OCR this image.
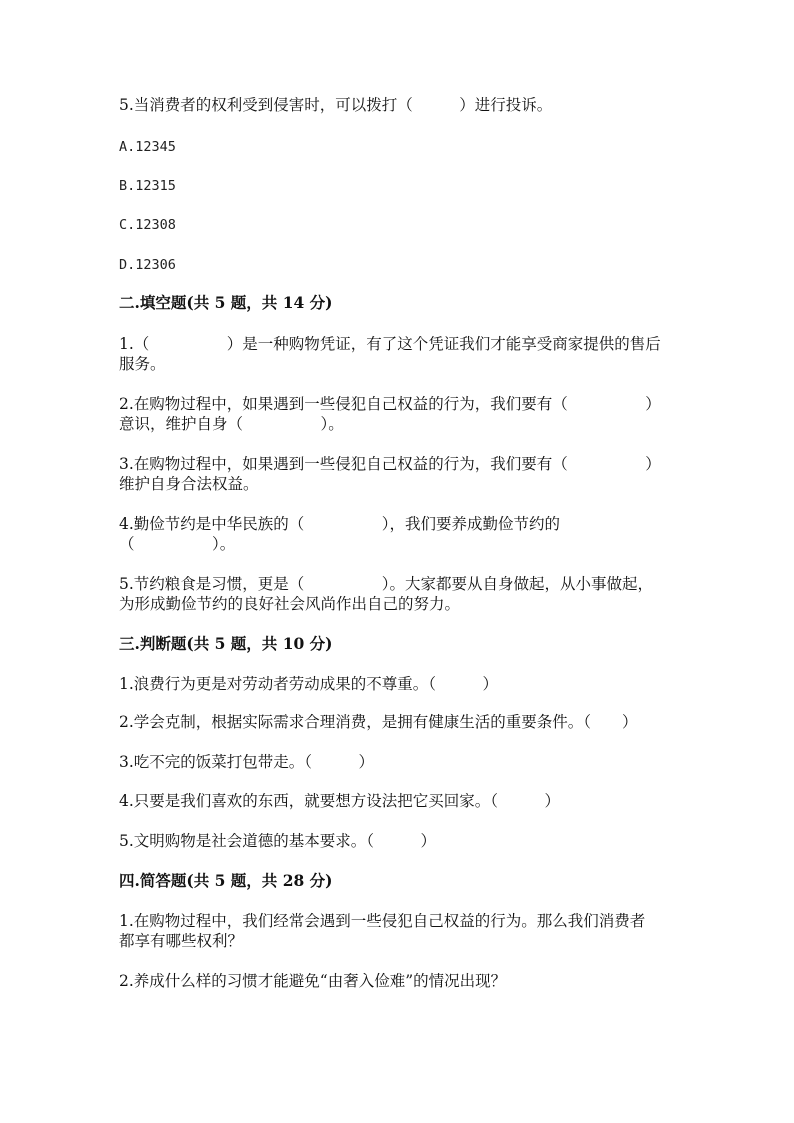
5.当消费者的权利受到侵害时，可以拨打（　　　）进行投诉。
A.12345
B.12315
C.12308
D.12306
二.填空题(共 5 题，共 14 分)
1.（　　　　　）是一种购物凭证，有了这个凭证我们才能享受商家提供的售后
服务。
2.在购物过程中，如果遇到一些侵犯自己权益的行为，我们要有（　　　　　）
意识，维护自身（　　　　　）。
3.在购物过程中，如果遇到一些侵犯自己权益的行为，我们要有（　　　　　）
维护自身合法权益。
4.勤俭节约是中华民族的（　　　　　），我们要养成勤俭节约的
（　　　　　）。
5.节约粮食是习惯，更是（　　　　　）。大家都要从自身做起，从小事做起，
为形成勤俭节约的良好社会风尚作出自己的努力。
三.判断题(共 5 题，共 10 分)
1.浪费行为更是对劳动者劳动成果的不尊重。（　　　）
2.学会克制，根据实际需求合理消费，是拥有健康生活的重要条件。（　　）
3.吃不完的饭菜打包带走。（　　　）
4.只要是我们喜欢的东西，就要想方设法把它买回家。（　　　）
5.文明购物是社会道德的基本要求。（　　　）
四.简答题(共 5 题，共 28 分)
1.在购物过程中，我们经常会遇到一些侵犯自己权益的行为。那么我们消费者
都享有哪些权利？
2.养成什么样的习惯才能避免“由奢入俭难”的情况出现？
